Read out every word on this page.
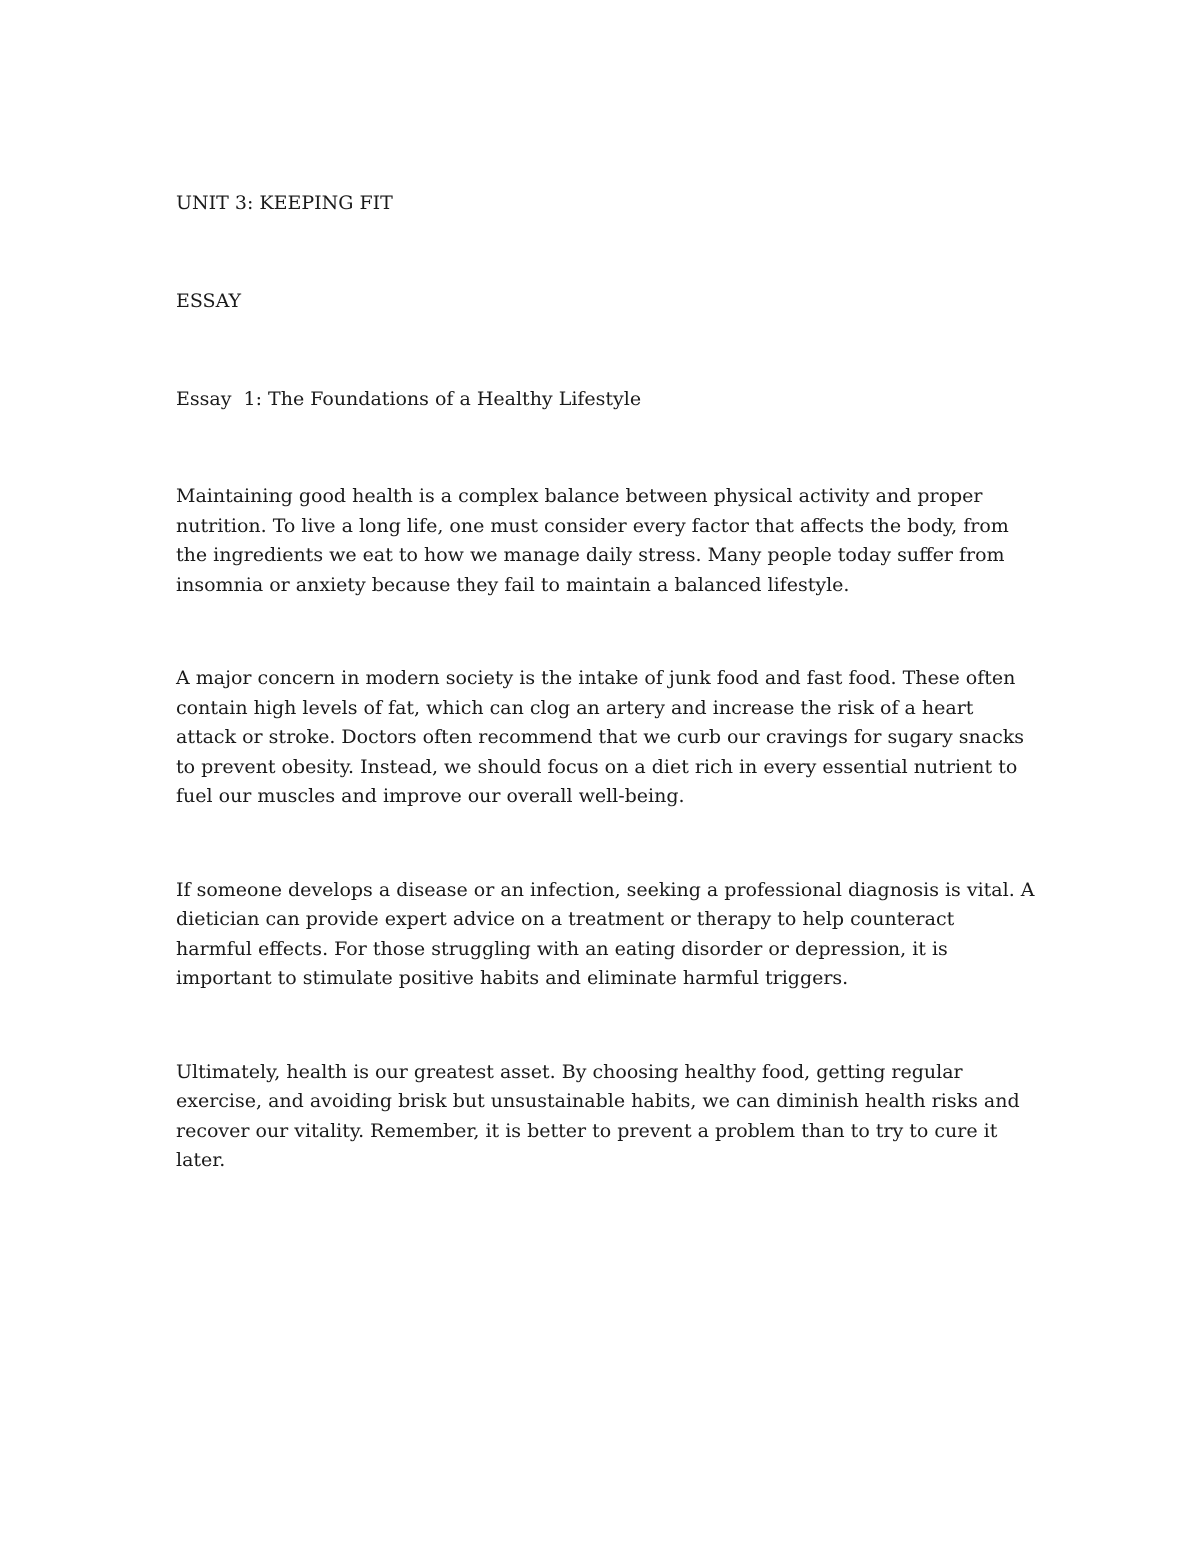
UNIT 3: KEEPING FIT

ESSAY

Essay  1: The Foundations of a Healthy Lifestyle

Maintaining good health is a complex balance between physical activity and proper nutrition. To live a long life, one must consider every factor that affects the body, from the ingredients we eat to how we manage daily stress. Many people today suffer from insomnia or anxiety because they fail to maintain a balanced lifestyle.

A major concern in modern society is the intake of junk food and fast food. These often contain high levels of fat, which can clog an artery and increase the risk of a heart attack or stroke. Doctors often recommend that we curb our cravings for sugary snacks to prevent obesity. Instead, we should focus on a diet rich in every essential nutrient to fuel our muscles and improve our overall well-being.

If someone develops a disease or an infection, seeking a professional diagnosis is vital. A dietician can provide expert advice on a treatment or therapy to help counteract harmful effects. For those struggling with an eating disorder or depression, it is important to stimulate positive habits and eliminate harmful triggers.

Ultimately, health is our greatest asset. By choosing healthy food, getting regular exercise, and avoiding brisk but unsustainable habits, we can diminish health risks and recover our vitality. Remember, it is better to prevent a problem than to try to cure it later.
